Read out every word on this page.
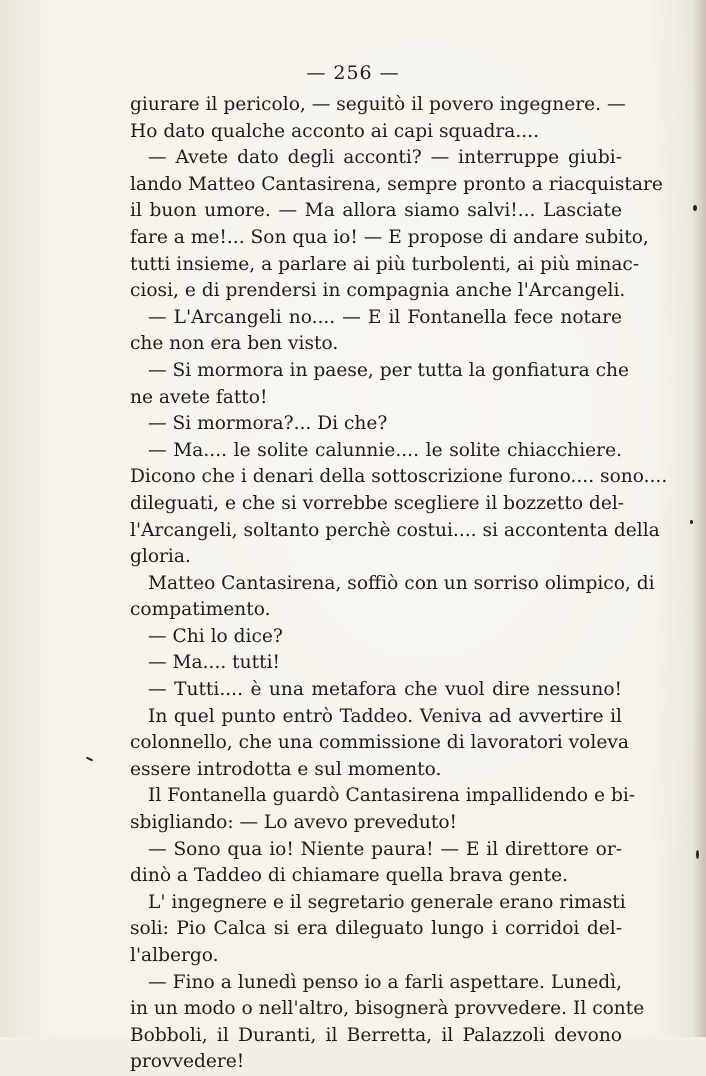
— 256 —
giurare il pericolo, — seguitò il povero ingegnere. —
Ho dato qualche acconto ai capi squadra....
— Avete dato degli acconti? — interruppe giubi-
lando Matteo Cantasirena, sempre pronto a riacquistare
il buon umore. — Ma allora siamo salvi!... Lasciate
fare a me!... Son qua io! — E propose di andare subito,
tutti insieme, a parlare ai più turbolenti, ai più minac-
ciosi, e di prendersi in compagnia anche l'Arcangeli.
— L'Arcangeli no.... — E il Fontanella fece notare
che non era ben visto.
— Si mormora in paese, per tutta la gonfiatura che
ne avete fatto!
— Si mormora?... Di che?
— Ma.... le solite calunnie.... le solite chiacchiere.
Dicono che i denari della sottoscrizione furono.... sono....
dileguati, e che si vorrebbe scegliere il bozzetto del-
l'Arcangeli, soltanto perchè costui.... si accontenta della
gloria.
Matteo Cantasirena, soffiò con un sorriso olimpico, di
compatimento.
— Chi lo dice?
— Ma.... tutti!
— Tutti.... è una metafora che vuol dire nessuno!
In quel punto entrò Taddeo. Veniva ad avvertire il
colonnello, che una commissione di lavoratori voleva
essere introdotta e sul momento.
Il Fontanella guardò Cantasirena impallidendo e bi-
sbigliando: — Lo avevo preveduto!
— Sono qua io! Niente paura! — E il direttore or-
dinò a Taddeo di chiamare quella brava gente.
L' ingegnere e il segretario generale erano rimasti
soli: Pio Calca si era dileguato lungo i corridoi del-
l'albergo.
— Fino a lunedì penso io a farli aspettare. Lunedì,
in un modo o nell'altro, bisognerà provvedere. Il conte
Bobboli, il Duranti, il Berretta, il Palazzoli devono
provvedere!
